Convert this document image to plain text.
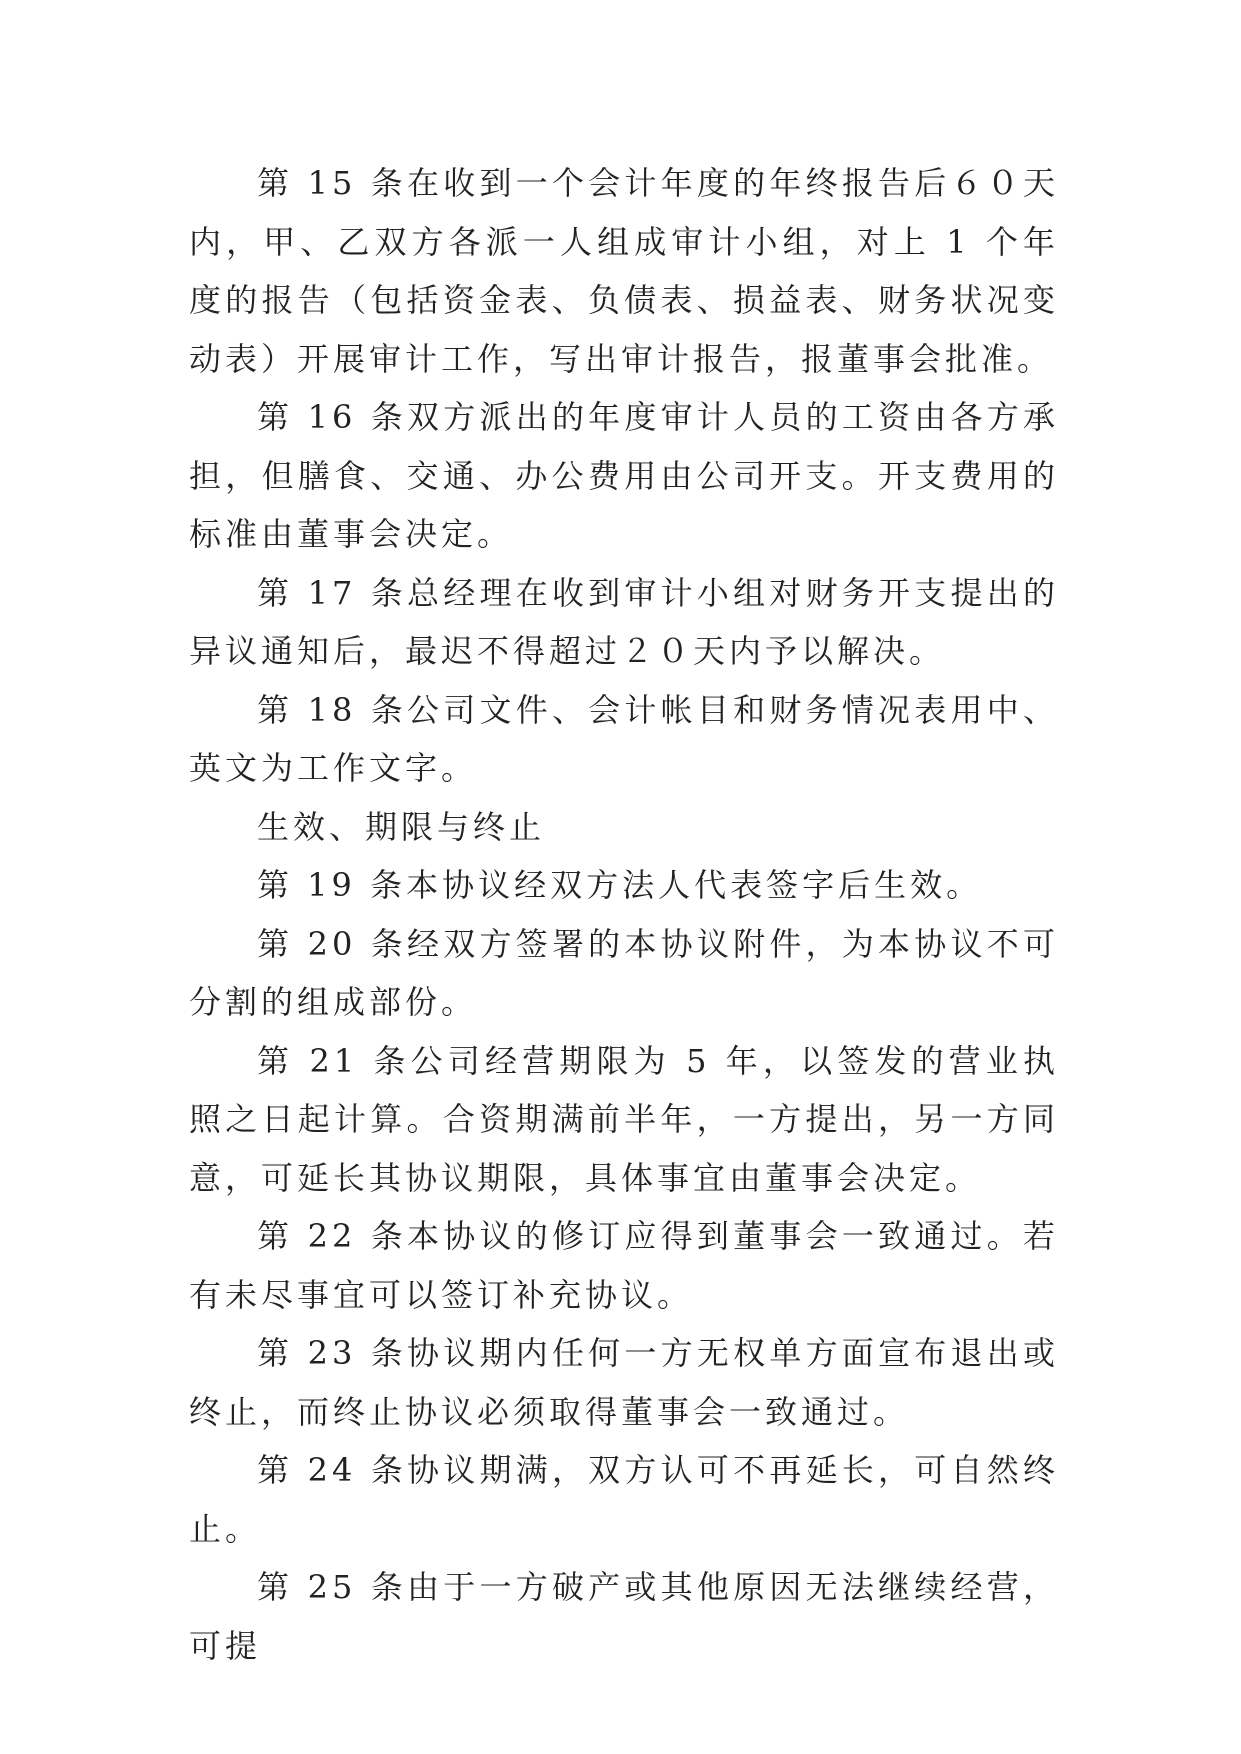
第 15 条在收到一个会计年度的年终报告后６０天内，甲、乙双方各派一人组成审计小组，对上 1 个年度的报告（包括资金表、负债表、损益表、财务状况变动表）开展审计工作，写出审计报告，报董事会批准。

第 16 条双方派出的年度审计人员的工资由各方承担，但膳食、交通、办公费用由公司开支。开支费用的标准由董事会决定。

第 17 条总经理在收到审计小组对财务开支提出的异议通知后，最迟不得超过２０天内予以解决。

第 18 条公司文件、会计帐目和财务情况表用中、英文为工作文字。

生效、期限与终止

第 19 条本协议经双方法人代表签字后生效。

第 20 条经双方签署的本协议附件，为本协议不可分割的组成部份。

第 21 条公司经营期限为 5 年，以签发的营业执照之日起计算。合资期满前半年，一方提出，另一方同意，可延长其协议期限，具体事宜由董事会决定。

第 22 条本协议的修订应得到董事会一致通过。若有未尽事宜可以签订补充协议。

第 23 条协议期内任何一方无权单方面宣布退出或终止，而终止协议必须取得董事会一致通过。

第 24 条协议期满，双方认可不再延长，可自然终止。

第 25 条由于一方破产或其他原因无法继续经营，可提
